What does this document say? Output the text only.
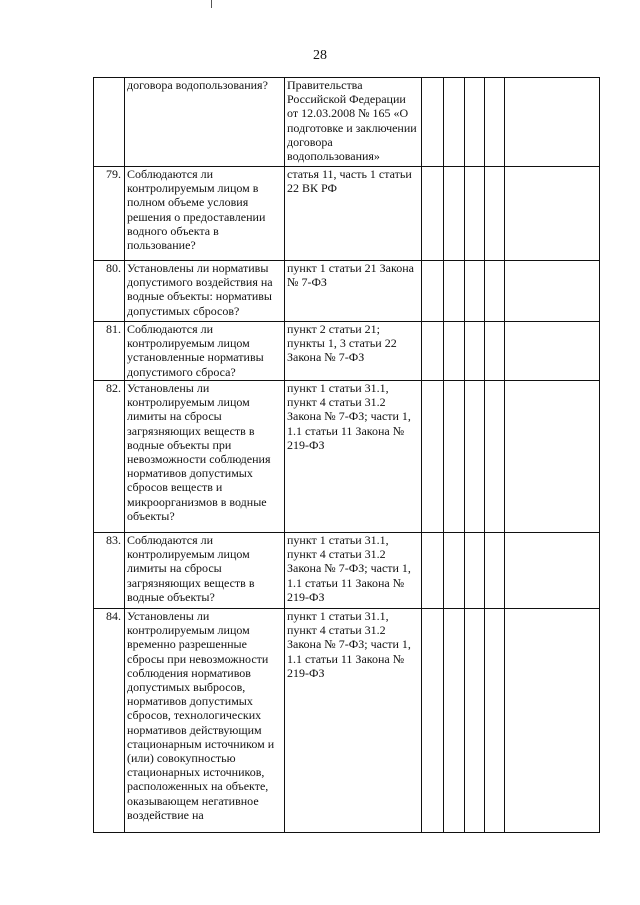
28
	договора водопользования?	Правительства Российской Федерации от 12.03.2008 № 165 «О подготовке и заключении договора водопользования»					
79.	Соблюдаются ли контролируемым лицом в полном объеме условия решения о предоставлении водного объекта в пользование?	статья 11, часть 1 статьи 22 ВК РФ					
80.	Установлены ли нормативы допустимого воздействия на водные объекты: нормативы допустимых сбросов?	пункт 1 статьи 21 Закона № 7-ФЗ					
81.	Соблюдаются ли контролируемым лицом установленные нормативы допустимого сброса?	пункт 2 статьи 21; пункты 1, 3 статьи 22 Закона № 7-ФЗ					
82.	Установлены ли контролируемым лицом лимиты на сбросы загрязняющих веществ в водные объекты при невозможности соблюдения нормативов допустимых сбросов веществ и микроорганизмов в водные объекты?	пункт 1 статьи 31.1, пункт 4 статьи 31.2 Закона № 7-ФЗ; части 1, 1.1 статьи 11 Закона № 219-ФЗ					
83.	Соблюдаются ли контролируемым лицом лимиты на сбросы загрязняющих веществ в водные объекты?	пункт 1 статьи 31.1, пункт 4 статьи 31.2 Закона № 7-ФЗ; части 1, 1.1 статьи 11 Закона № 219-ФЗ					
84.	Установлены ли контролируемым лицом временно разрешенные сбросы при невозможности соблюдения нормативов допустимых выбросов, нормативов допустимых сбросов, технологических нормативов действующим стационарным источником и (или) совокупностью стационарных источников, расположенных на объекте, оказывающем негативное воздействие на	пункт 1 статьи 31.1, пункт 4 статьи 31.2 Закона № 7-ФЗ; части 1, 1.1 статьи 11 Закона № 219-ФЗ					
